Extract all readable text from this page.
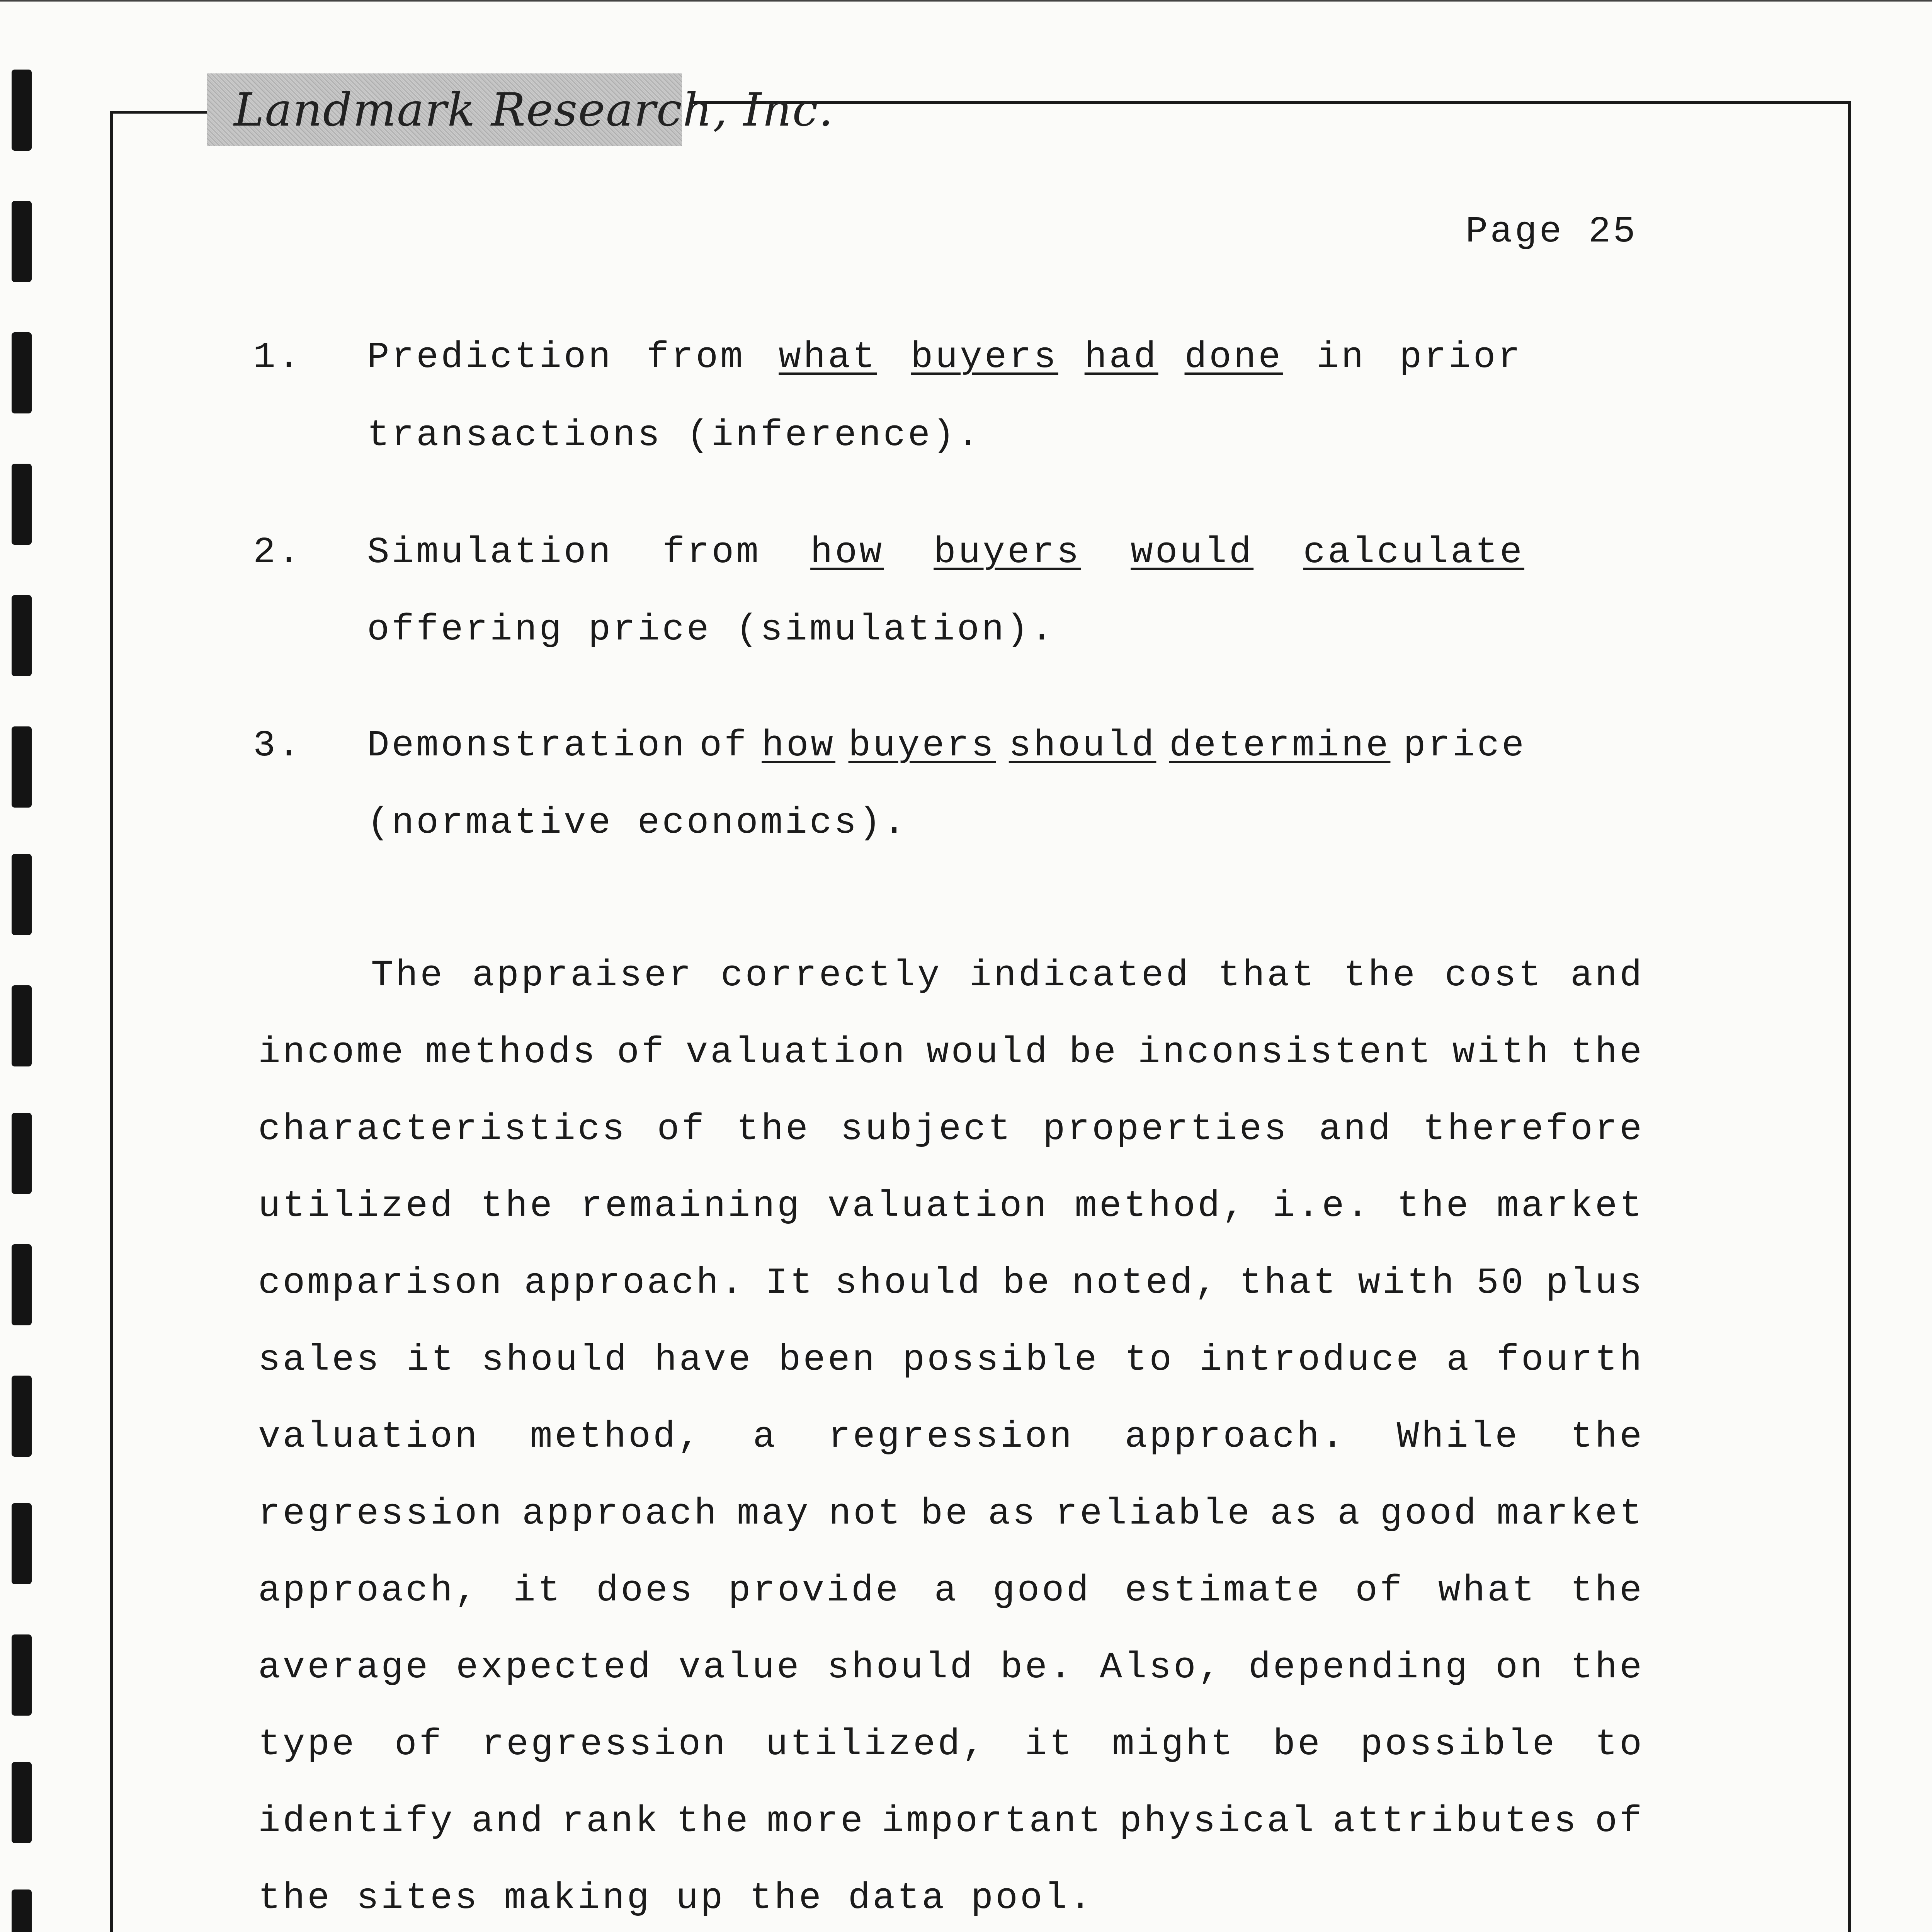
Landmark Research, Inc.
Page 25
1. Prediction from what buyers had done in prior
transactions (inference).
2. Simulation from how buyers would calculate
offering price (simulation).
3. Demonstration of how buyers should determine price
(normative economics).
The appraiser correctly indicated that the cost and
income methods of valuation would be inconsistent with the
characteristics of the subject properties and therefore
utilized the remaining valuation method, i.e. the market
comparison approach. It should be noted, that with 50 plus
sales it should have been possible to introduce a fourth
valuation method, a regression approach. While the
regression approach may not be as reliable as a good market
approach, it does provide a good estimate of what the
average expected value should be. Also, depending on the
type of regression utilized, it might be possible to
identify and rank the more important physical attributes of
the sites making up the data pool.
